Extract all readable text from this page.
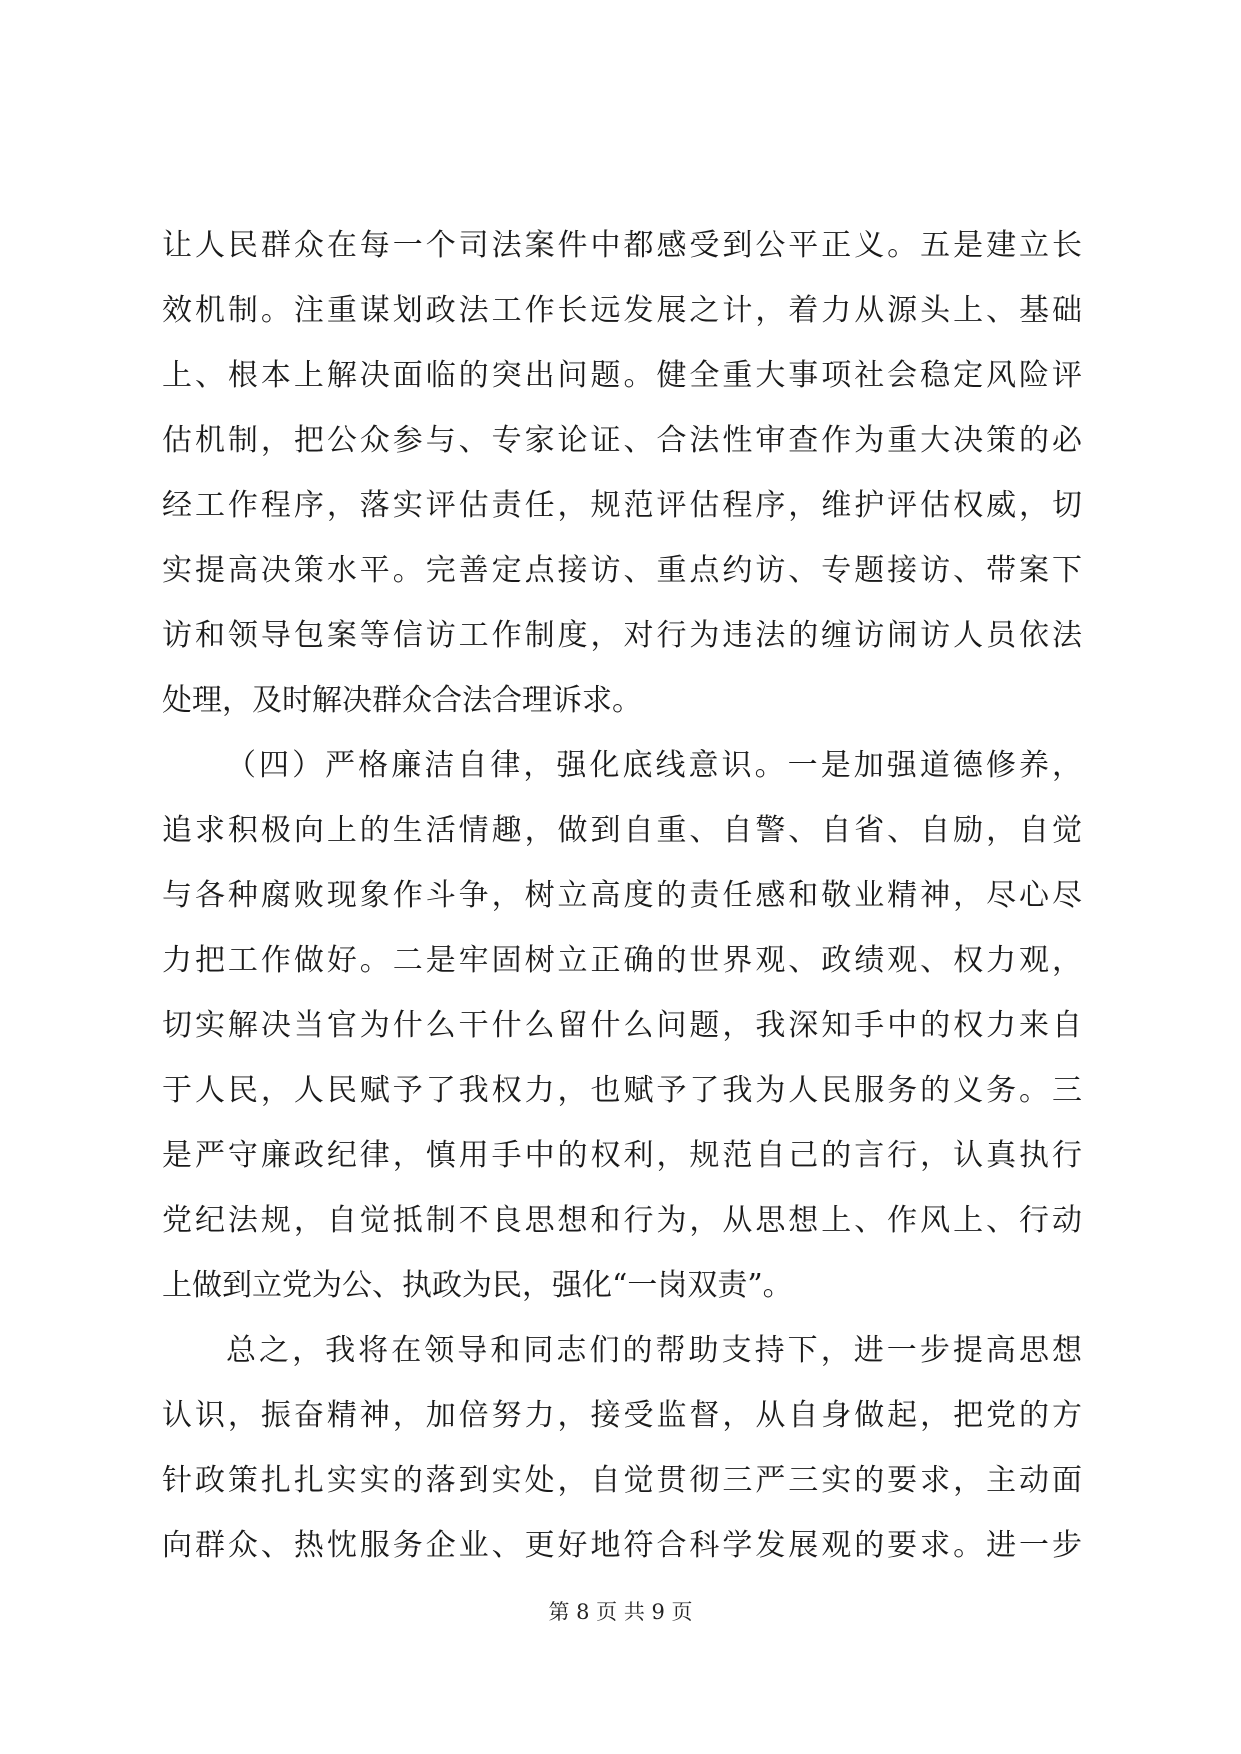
让人民群众在每一个司法案件中都感受到公平正义。五是建立长
效机制。注重谋划政法工作长远发展之计，着力从源头上、基础
上、根本上解决面临的突出问题。健全重大事项社会稳定风险评
估机制，把公众参与、专家论证、合法性审查作为重大决策的必
经工作程序，落实评估责任，规范评估程序，维护评估权威，切
实提高决策水平。完善定点接访、重点约访、专题接访、带案下
访和领导包案等信访工作制度，对行为违法的缠访闹访人员依法
处理，及时解决群众合法合理诉求。
（四）严格廉洁自律，强化底线意识。一是加强道德修养，
追求积极向上的生活情趣，做到自重、自警、自省、自励，自觉
与各种腐败现象作斗争，树立高度的责任感和敬业精神，尽心尽
力把工作做好。二是牢固树立正确的世界观、政绩观、权力观，
切实解决当官为什么干什么留什么问题，我深知手中的权力来自
于人民，人民赋予了我权力，也赋予了我为人民服务的义务。三
是严守廉政纪律，慎用手中的权利，规范自己的言行，认真执行
党纪法规，自觉抵制不良思想和行为，从思想上、作风上、行动
上做到立党为公、执政为民，强化“一岗双责”。
总之，我将在领导和同志们的帮助支持下，进一步提高思想
认识，振奋精神，加倍努力，接受监督，从自身做起，把党的方
针政策扎扎实实的落到实处，自觉贯彻三严三实的要求，主动面
向群众、热忱服务企业、更好地符合科学发展观的要求。进一步
第 8 页 共 9 页
